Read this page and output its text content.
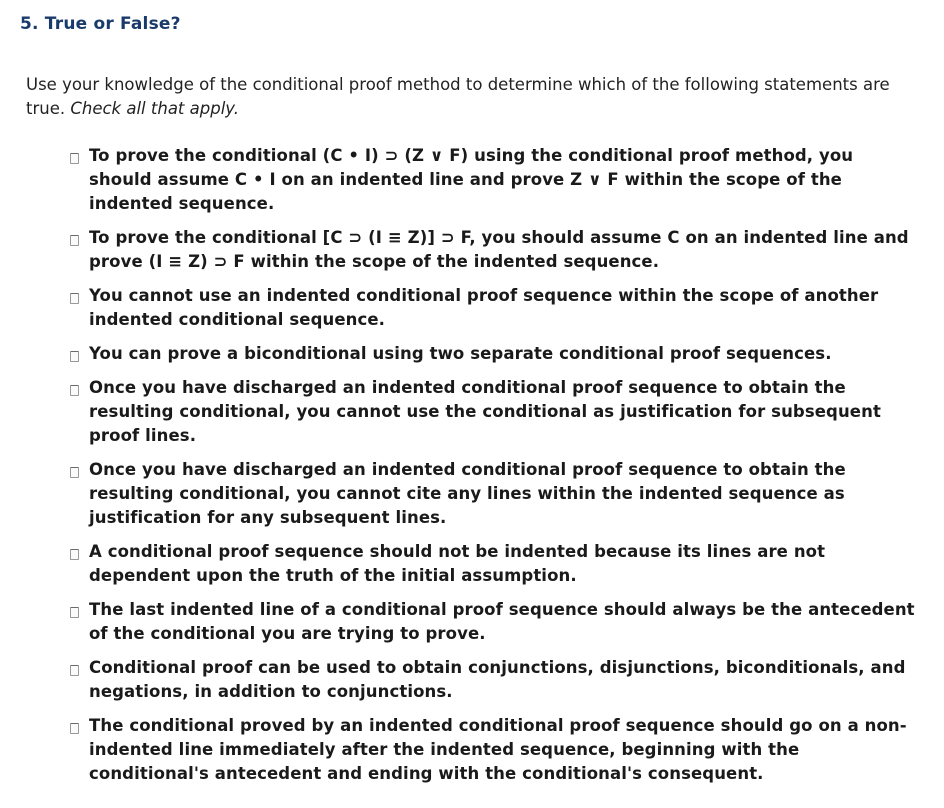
5. True or False?
Use your knowledge of the conditional proof method to determine which of the following statements are true. Check all that apply.
To prove the conditional (C • I) ⊃ (Z ∨ F) using the conditional proof method, you should assume C • I on an indented line and prove Z ∨ F within the scope of the indented sequence.
To prove the conditional [C ⊃ (I ≡ Z)] ⊃ F, you should assume C on an indented line and prove (I ≡ Z) ⊃ F within the scope of the indented sequence.
You cannot use an indented conditional proof sequence within the scope of another indented conditional sequence.
You can prove a biconditional using two separate conditional proof sequences.
Once you have discharged an indented conditional proof sequence to obtain the resulting conditional, you cannot use the conditional as justification for subsequent proof lines.
Once you have discharged an indented conditional proof sequence to obtain the resulting conditional, you cannot cite any lines within the indented sequence as justification for any subsequent lines.
A conditional proof sequence should not be indented because its lines are not dependent upon the truth of the initial assumption.
The last indented line of a conditional proof sequence should always be the antecedent of the conditional you are trying to prove.
Conditional proof can be used to obtain conjunctions, disjunctions, biconditionals, and negations, in addition to conjunctions.
The conditional proved by an indented conditional proof sequence should go on a non-indented line immediately after the indented sequence, beginning with the conditional's antecedent and ending with the conditional's consequent.
